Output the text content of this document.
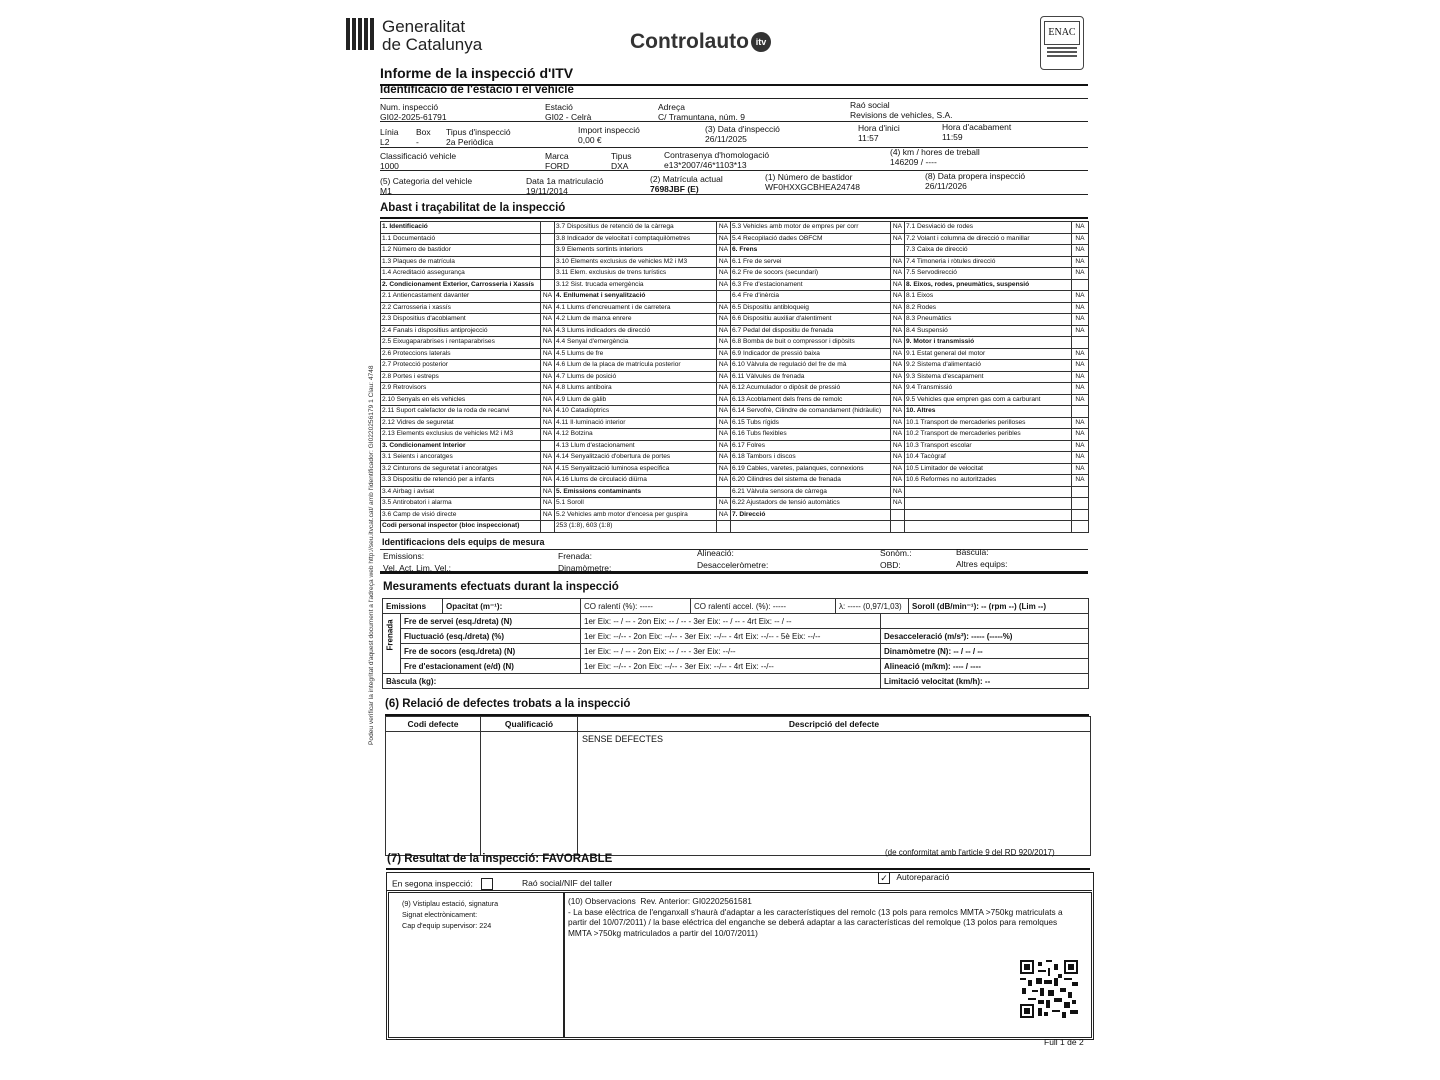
Generalitat
de Catalunya	Controlauto itv
ENAC
Informe de la inspecció d'ITV
Podeu verificar la integritat d'aquest document a l'adreça web http://seu.itvcat.cat/ amb l'identificador: GI0220256179 1 Clau: 4748
Identificació de l'estació i el vehicle
Num. inspecció
GI02-2025-61791
Estació
GI02 - Celrà
Adreça
C/ Tramuntana, núm. 9
Raó social
Revisions de vehicles, S.A.
Línia
L2
Box
-
Tipus d'inspecció
2a Periòdica
Import inspecció
0,00 €
(3) Data d'inspecció
26/11/2025
Hora d'inici
11:57
Hora d'acabament
11:59
Classificació vehicle
1000
Marca
FORD
Tipus
DXA
Contrasenya d'homologació
e13*2007/46*1103*13
(4) km / hores de treball
146209 / ----
(5) Categoria del vehicle
M1
Data 1a matriculació
19/11/2014
(2) Matrícula actual
7698JBF (E)
(1) Número de bastidor
WF0HXXGCBHEA24748
(8) Data propera inspecció
26/11/2026
Abast i traçabilitat de la inspecció
1. Identificació		3.7 Dispositius de retenció de la càrrega	NA	5.3 Vehicles amb motor de empres per corr	NA	7.1 Desviació de rodes	NA
1.1 Documentació		3.8 Indicador de velocitat i comptaquilòmetres	NA	5.4 Recopilació dades OBFCM	NA	7.2 Volant i columna de direcció o manillar	NA
1.2 Número de bastidor		3.9 Elements sortints interiors	NA	6. Frens		7.3 Caixa de direcció	NA
1.3 Plaques de matrícula		3.10 Elements exclusius de vehicles M2 i M3	NA	6.1 Fre de servei	NA	7.4 Timoneria i ròtules direcció	NA
1.4 Acreditació assegurança		3.11 Elem. exclusius de trens turístics	NA	6.2 Fre de socors (secundari)	NA	7.5 Servodirecció	NA
2. Condicionament Exterior, Carrosseria i Xassís		3.12 Sist. trucada emergència	NA	6.3 Fre d'estacionament	NA	8. Eixos, rodes, pneumàtics, suspensió	
2.1 Antiencastament davanter	NA	4. Enllumenat i senyalització		6.4 Fre d'inèrcia	NA	8.1 Eixos	NA
2.2 Carrosseria i xassís	NA	4.1 Llums d'encreuament i de carretera	NA	6.5 Dispositiu antibloqueig	NA	8.2 Rodes	NA
2.3 Dispositius d'acoblament	NA	4.2 Llum de marxa enrere	NA	6.6 Dispositiu auxiliar d'alentiment	NA	8.3 Pneumàtics	NA
2.4 Fanals i dispositius antiprojecció	NA	4.3 Llums indicadors de direcció	NA	6.7 Pedal del dispositiu de frenada	NA	8.4 Suspensió	NA
2.5 Eixugaparabrises i rentaparabrises	NA	4.4 Senyal d'emergència	NA	6.8 Bomba de buit o compressor i dipòsits	NA	9. Motor i transmissió	
2.6 Proteccions laterals	NA	4.5 Llums de fre	NA	6.9 Indicador de pressió baixa	NA	9.1 Estat general del motor	NA
2.7 Protecció posterior	NA	4.6 Llum de la placa de matrícula posterior	NA	6.10 Vàlvula de regulació del fre de mà	NA	9.2 Sistema d'alimentació	NA
2.8 Portes i estreps	NA	4.7 Llums de posició	NA	6.11 Vàlvules de frenada	NA	9.3 Sistema d'escapament	NA
2.9 Retrovisors	NA	4.8 Llums antiboira	NA	6.12 Acumulador o dipòsit de pressió	NA	9.4 Transmissió	NA
2.10 Senyals en els vehicles	NA	4.9 Llum de gàlib	NA	6.13 Acoblament dels frens de remolc	NA	9.5 Vehicles que empren gas com a carburant	NA
2.11 Suport calefactor de la roda de recanvi	NA	4.10 Catadiòptrics	NA	6.14 Servofrè, Cilindre de comandament (hidràulic)	NA	10. Altres	
2.12 Vidres de seguretat	NA	4.11 Il·luminació interior	NA	6.15 Tubs rígids	NA	10.1 Transport de mercaderies perilloses	NA
2.13 Elements exclusius de vehicles M2 i M3	NA	4.12 Botzina	NA	6.16 Tubs flexibles	NA	10.2 Transport de mercaderies peribles	NA
3. Condicionament Interior		4.13 Llum d'estacionament	NA	6.17 Folres	NA	10.3 Transport escolar	NA
3.1 Seients i ancoratges	NA	4.14 Senyalització d'obertura de portes	NA	6.18 Tambors i discos	NA	10.4 Tacògraf	NA
3.2 Cinturons de seguretat i ancoratges	NA	4.15 Senyalització luminosa específica	NA	6.19 Cables, varetes, palanques, connexions	NA	10.5 Limitador de velocitat	NA
3.3 Dispositiu de retenció per a infants	NA	4.16 Llums de circulació diürna	NA	6.20 Cilindres del sistema de frenada	NA	10.6 Reformes no autoritzades	NA
3.4 Airbag i avisat	NA	5. Emissions contaminants		6.21 Vàlvula sensora de càrrega	NA		
3.5 Antirobatori i alarma	NA	5.1 Soroll	NA	6.22 Ajustadors de tensió automàtics	NA		
3.6 Camp de visió directe	NA	5.2 Vehicles amb motor d'encesa per guspira	NA	7. Direcció			
Codi personal inspector (bloc inspeccionat)		253 (1:8), 603 (1:8)					
Identificacions dels equips de mesura
Emissions:	Frenada:	Alineació:	Sonòm.:	Bàscula:
Vel. Act. Lim. Vel.:	Dinamòmetre:	Desacceleròmetre:	OBD:	Altres equips:
Mesuraments efectuats durant la inspecció
Emissions		Opacitat (m⁻¹):	CO ralentí (%): -----	CO ralentí accel. (%): -----	λ: ----- (0,97/1,03)		Soroll (dB/min⁻¹): -- (rpm --) (Lim --)

Frenada	Fre de servei (esq./dreta) (N)		1er Eix: -- / -- - 2on Eix: -- / -- - 3er Eix: -- / -- - 4rt Eix: -- / --				
	Fluctuació (esq./dreta) (%)		1er Eix: --/-- - 2on Eix: --/-- - 3er Eix: --/-- - 4rt Eix: --/-- - 5è Eix: --/--			Desacceleració (m/s²): ----- (-----%)	
	Fre de socors (esq./dreta) (N)		1er Eix: -- / -- - 2on Eix: -- / -- - 3er Eix: --/--			Dinamòmetre (N): -- / -- / --	
	Fre d'estacionament (e/d) (N)		1er Eix: --/-- - 2on Eix: --/-- - 3er Eix: --/-- - 4rt Eix: --/--			Alineació (m/km): ---- / ----	
Bàscula (kg):						Limitació velocitat (km/h): --	
(6) Relació de defectes trobats a la inspecció
Codi defecte	Qualificació	Descripció del defecte
		SENSE DEFECTES
(7) Resultat de la inspecció: FAVORABLE
(de conformitat amb l'article 9 del RD 920/2017)
En segona inspecció:	Raó social/NIF del taller	✓ Autoreparació
(9) Vistiplau estació, signatura
Signat electrònicament:
Cap d'equip supervisor: 224
(10) Observacions Rev. Anterior: GI02202561581
- La base elèctrica de l'enganxall s'haurà d'adaptar a les característiques del remolc (13 pols para remolcs MMTA >750kg matriculats a partir del 10/07/2011) / la base eléctrica del enganche se deberá adaptar a las características del remolque (13 polos para remolques MMTA >750kg matriculados a partir del 10/07/2011)
Full 1 de 2
